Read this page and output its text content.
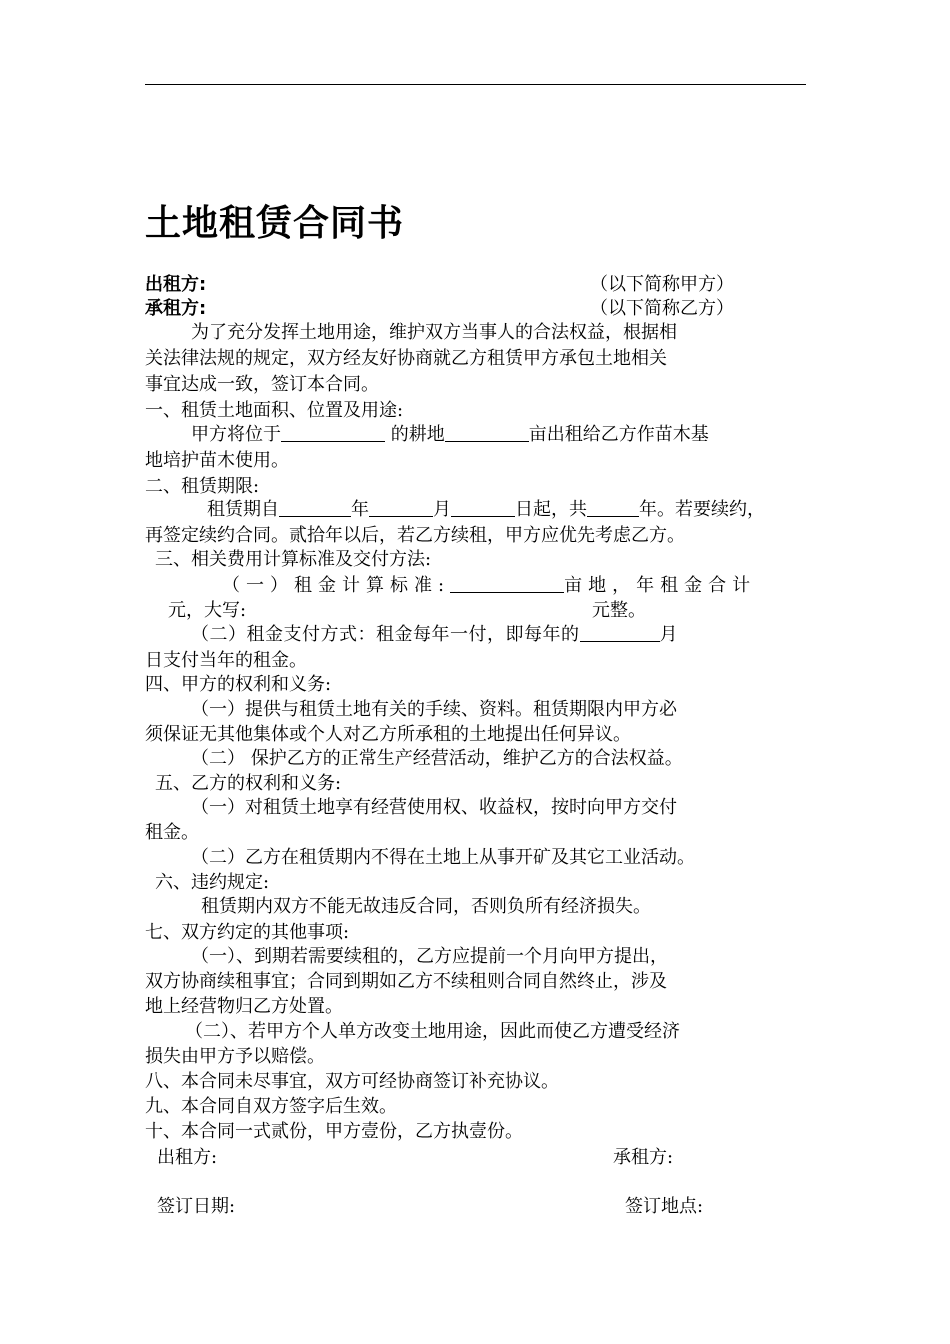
土地租赁合同书
出租方:	（以下简称甲方）
承租方:	（以下简称乙方）
为了充分发挥土地用途，维护双方当事人的合法权益，根据相
关法律法规的规定，双方经友好协商就乙方租赁甲方承包土地相关
事宜达成一致，签订本合同。
一、租赁土地面积、位置及用途:
甲方将位于	的耕地	亩出租给乙方作苗木基
地培护苗木使用。
二、租赁期限:
租赁期自	年	月	日起，共	年。若要续约，
再签定续约合同。贰拾年以后，若乙方续租，甲方应优先考虑乙方。
三、相关费用计算标准及交付方法:
（一）租金计算标准:	亩地，年租金合计
元，大写:	元整。
（二）租金支付方式：租金每年一付，即每年的	月
日支付当年的租金。
四、甲方的权利和义务:
（一）提供与租赁土地有关的手续、资料。租赁期限内甲方必
须保证无其他集体或个人对乙方所承租的土地提出任何异议。
（二） 保护乙方的正常生产经营活动，维护乙方的合法权益。
五、乙方的权利和义务:
（一）对租赁土地享有经营使用权、收益权，按时向甲方交付
租金。
（二）乙方在租赁期内不得在土地上从事开矿及其它工业活动。
六、违约规定:
租赁期内双方不能无故违反合同，否则负所有经济损失。
七、双方约定的其他事项:
（一）、到期若需要续租的，乙方应提前一个月向甲方提出，
双方协商续租事宜；合同到期如乙方不续租则合同自然终止，涉及
地上经营物归乙方处置。
（二）、若甲方个人单方改变土地用途，因此而使乙方遭受经济
损失由甲方予以赔偿。
八、本合同未尽事宜，双方可经协商签订补充协议。
九、本合同自双方签字后生效。
十、本合同一式贰份，甲方壹份，乙方执壹份。
出租方:	承租方:
签订日期:	签订地点:
